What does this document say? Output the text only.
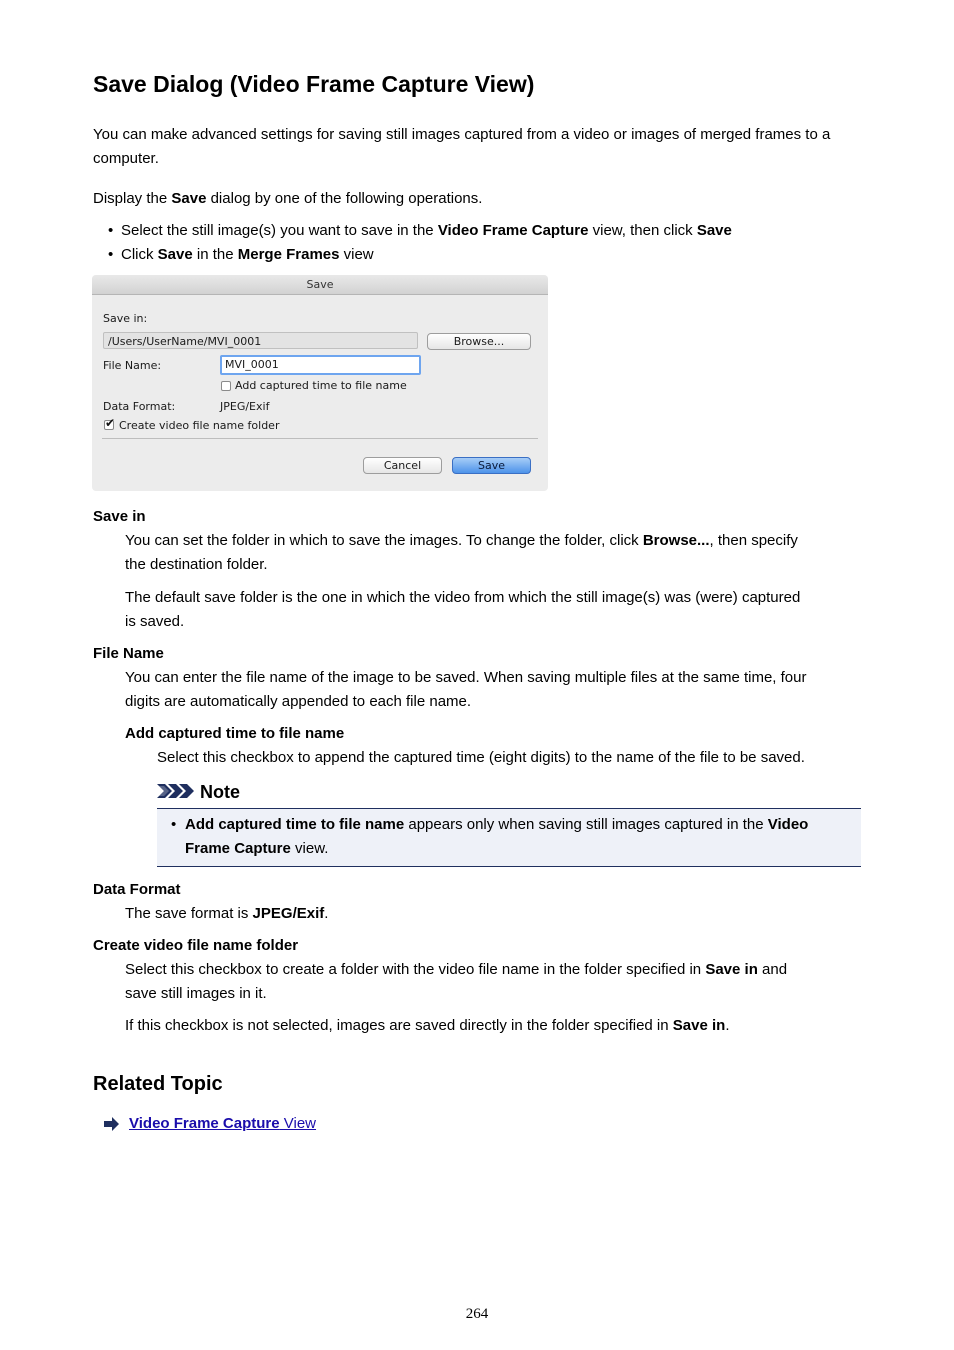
Save Dialog (Video Frame Capture View)

You can make advanced settings for saving still images captured from a video or images of merged frames to a computer.

Display the Save dialog by one of the following operations.

• Select the still image(s) you want to save in the Video Frame Capture view, then click Save

• Click Save in the Merge Frames view

Save
Save in:
/Users/UserName/MVI_0001	Browse...
File Name:	MVI_0001
Add captured time to file name
Data Format:	JPEG/Exif
✔ Create video file name folder
Cancel	Save

Save in

You can set the folder in which to save the images. To change the folder, click Browse..., then specify

the destination folder.

The default save folder is the one in which the video from which the still image(s) was (were) captured

is saved.

File Name

You can enter the file name of the image to be saved. When saving multiple files at the same time, four

digits are automatically appended to each file name.

Add captured time to file name

Select this checkbox to append the captured time (eight digits) to the name of the file to be saved.

Note

• Add captured time to file name appears only when saving still images captured in the Video

Frame Capture view.

Data Format

The save format is JPEG/Exif.

Create video file name folder

Select this checkbox to create a folder with the video file name in the folder specified in Save in and

save still images in it.

If this checkbox is not selected, images are saved directly in the folder specified in Save in.

Related Topic
Video Frame Capture View
264
